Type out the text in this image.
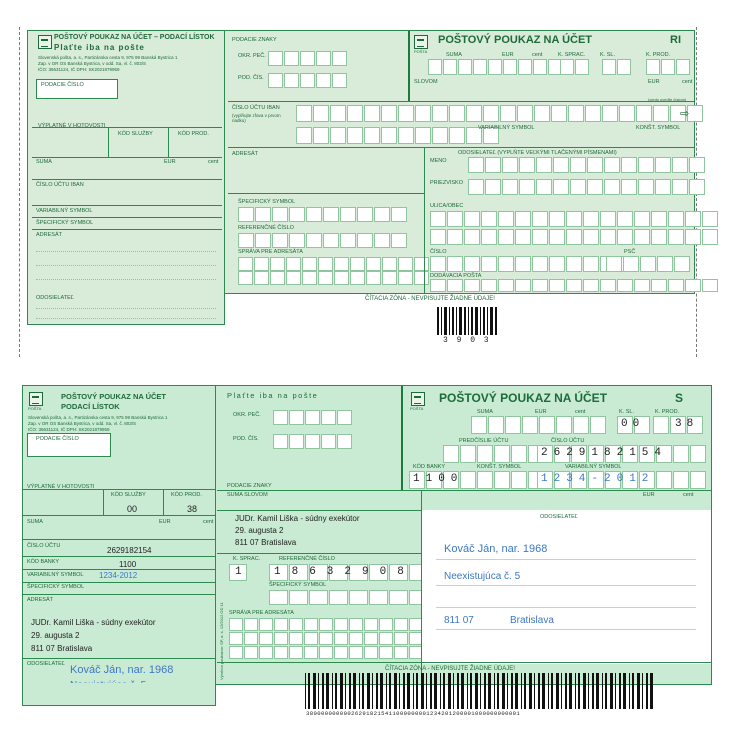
POŠTOVÝ POUKAZ NA ÚČET – PODACÍ LÍSTOK
Plaťte iba na pošte
Slovenská pošta, a. s., Partizánska cesta 9, 975 99 Banská Bystrica 1
Zap. v OR OS Banská Bystrica, v odd. Sa, vl. č. 803/S
IČO: 36631124, IČ DPH: SK2021879959
PODACIE ČÍSLO
VÝPLATNÉ V HOTOVOSTI
KÓD SLUŽBY	KÓD PROD.
SUMA	EUR	cent
ČÍSLO ÚČTU IBAN
VARIABILNÝ SYMBOL
ŠPECIFICKÝ SYMBOL
ADRESÁT
PODACIE ZNAKY
OKR. PEČ.
POD. ČÍS.
POŠTA
POŠTOVÝ POUKAZ NA ÚČET	RI
SUMA	EUR	cent	K. SPRAC.	K. SL.	K. PROD.
SLOVOM	EUR	cent
(centy uveďte číslom)
ČÍSLO ÚČTU IBAN
(vyplňujte zľava v prvom riadku)
⇨
VARIABILNÝ SYMBOL	KONŠT. SYMBOL
ADRESÁT
ŠPECIFICKÝ SYMBOL
REFERENČNÉ ČÍSLO
SPRÁVA PRE ADRESÁTA
ODOSIELATEĽ (VYPLŇTE VEĽKÝMI TLAČENÝMI PÍSMENAMI)
MENO
PRIEZVISKO
ULICA/OBEC
ČÍSLO	PSČ
DODÁVACIA POŠTA
ODOSIELATEĽ	ČÍTACIA ZÓNA - NEVPISUJTE ŽIADNE ÚDAJE!
3 9 0 3
POŠTA
POŠTOVÝ POUKAZ NA ÚČET
PODACÍ LÍSTOK
Slovenská pošta, a. s., Partizánska cesta 9, 975 99 Banská Bystrica 1
Zap. v OR OS Banská Bystrica, v odd. Sa, vl. č. 803/S
IČO: 36631124, IČ DPH: SK2021879959
PODACIE ČÍSLO
VÝPLATNÉ V HOTOVOSTI
KÓD SLUŽBY	KÓD PROD.
00	38
SUMA	EUR	cent
ČÍSLO ÚČTU	2629182154
KÓD BANKY	1100
VARIABILNÝ SYMBOL 1234-2012
ŠPECIFICKÝ SYMBOL
ADRESÁT
JUDr. Kamil Liška - súdny exekútor
29. augusta 2
811 07 Bratislava
ODOSIELATEĽ
Plaťte iba na pošte
OKR. PEČ.
POD. ČÍS.
PODACIE ZNAKY
SUMA SLOVOM
JUDr. Kamil Liška - súdny exekútor
29. augusta 2
811 07 Bratislava
K. SPRAC.	REFERENČNÉ ČÍSLO
1 18632908
ŠPECIFICKÝ SYMBOL
SPRÁVA PRE ADRESÁTA
Výrobca poukazov: SP, a. s. 12/2012 OD 11
POŠTA
POŠTOVÝ POUKAZ NA ÚČET	S
SUMA	EUR	cent	K. SL.	K. PROD.
00	38
PREDČÍSLIE ÚČTU	ČÍSLO ÚČTU
2629182154
KÓD BANKY	KONŠT. SYMBOL	VARIABILNÝ SYMBOL
1100	1234-2012
EUR	cent
ODOSIELATEĽ
Kováč Ján, nar. 1968
Neexistujúca č. 5
811 07	Bratislava
ČÍTACIA ZÓNA - NEVPISUJTE ŽIADNE ÚDAJE!
Kováč Ján, nar. 1968
380000000000262918215411000000001234201200001000000000001
